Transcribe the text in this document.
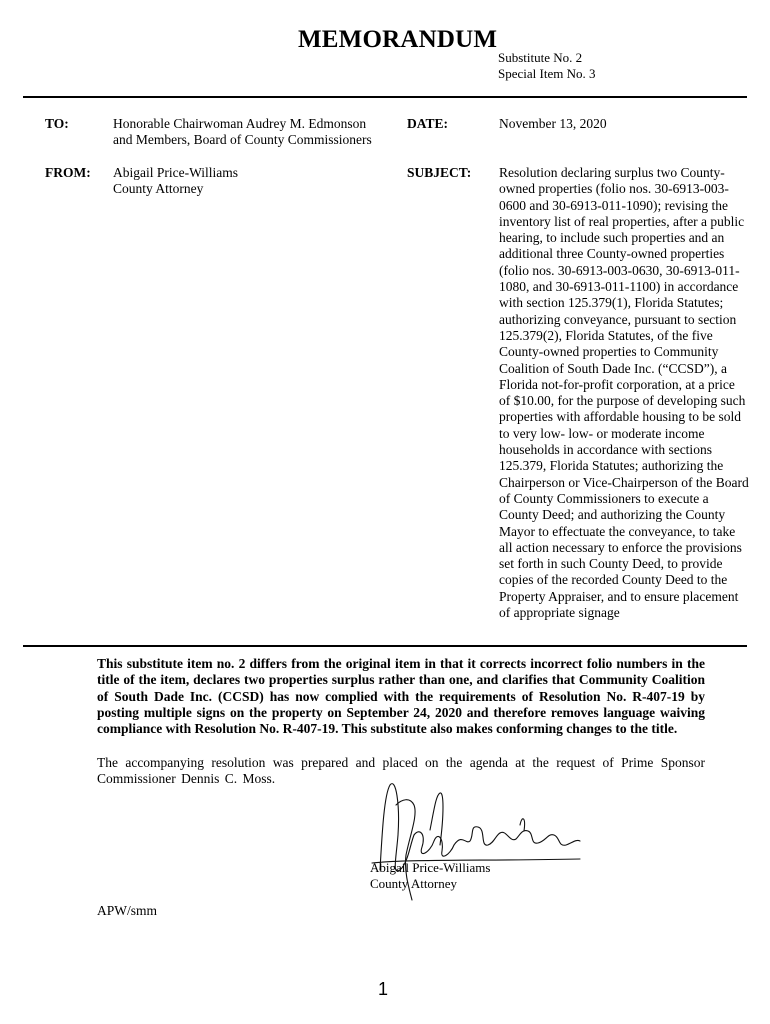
MEMORANDUM
Substitute No. 2
Special Item No. 3
TO:	Honorable Chairwoman Audrey M. Edmonson
and Members, Board of County Commissioners
DATE:	November 13, 2020
FROM: Abigail Price-Williams
County Attorney
SUBJECT: Resolution declaring surplus two County-owned properties (folio nos. 30-6913-003-0600 and 30-6913-011-1090); revising the inventory list of real properties, after a public hearing, to include such properties and an additional three County-owned properties (folio nos. 30-6913-003-0630, 30-6913-011-1080, and 30-6913-011-1100) in accordance with section 125.379(1), Florida Statutes; authorizing conveyance, pursuant to section 125.379(2), Florida Statutes, of the five County-owned properties to Community Coalition of South Dade Inc. (“CCSD”), a Florida not-for-profit corporation, at a price of $10.00, for the purpose of developing such properties with affordable housing to be sold to very low- low- or moderate income households in accordance with sections 125.379, Florida Statutes; authorizing the Chairperson or Vice-Chairperson of the Board of County Commissioners to execute a County Deed; and authorizing the County Mayor to effectuate the conveyance, to take all action necessary to enforce the provisions set forth in such County Deed, to provide copies of the recorded County Deed to the Property Appraiser, and to ensure placement of appropriate signage
This substitute item no. 2 differs from the original item in that it corrects incorrect folio numbers in the title of the item, declares two properties surplus rather than one, and clarifies that Community Coalition of South Dade Inc. (CCSD) has now complied with the requirements of Resolution No. R-407-19 by posting multiple signs on the property on September 24, 2020 and therefore removes language waiving compliance with Resolution No. R-407-19. This substitute also makes conforming changes to the title.
The accompanying resolution was prepared and placed on the agenda at the request of Prime Sponsor Commissioner Dennis C. Moss.
Abigail Price-Williams
County Attorney
APW/smm
1
